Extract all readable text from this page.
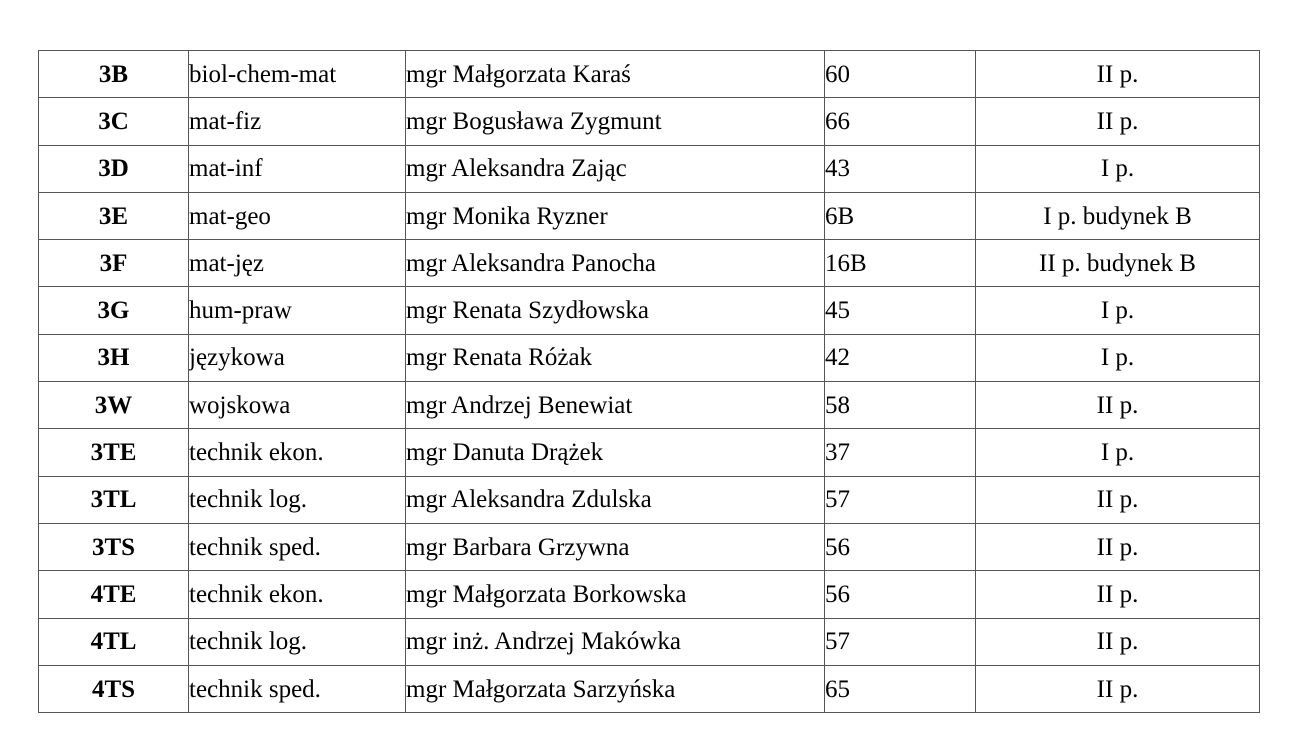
3B	biol-chem-mat	mgr Małgorzata Karaś	60	II p.
3C	mat-fiz	mgr Bogusława Zygmunt	66	II p.
3D	mat-inf	mgr Aleksandra Zając	43	I p.
3E	mat-geo	mgr Monika Ryzner	6B	I p. budynek B
3F	mat-jęz	mgr Aleksandra Panocha	16B	II p. budynek B
3G	hum-praw	mgr Renata Szydłowska	45	I p.
3H	językowa	mgr Renata Różak	42	I p.
3W	wojskowa	mgr Andrzej Benewiat	58	II p.
3TE	technik ekon.	mgr Danuta Drążek	37	I p.
3TL	technik log.	mgr Aleksandra Zdulska	57	II p.
3TS	technik sped.	mgr Barbara Grzywna	56	II p.
4TE	technik ekon.	mgr Małgorzata Borkowska	56	II p.
4TL	technik log.	mgr inż. Andrzej Makówka	57	II p.
4TS	technik sped.	mgr Małgorzata Sarzyńska	65	II p.
